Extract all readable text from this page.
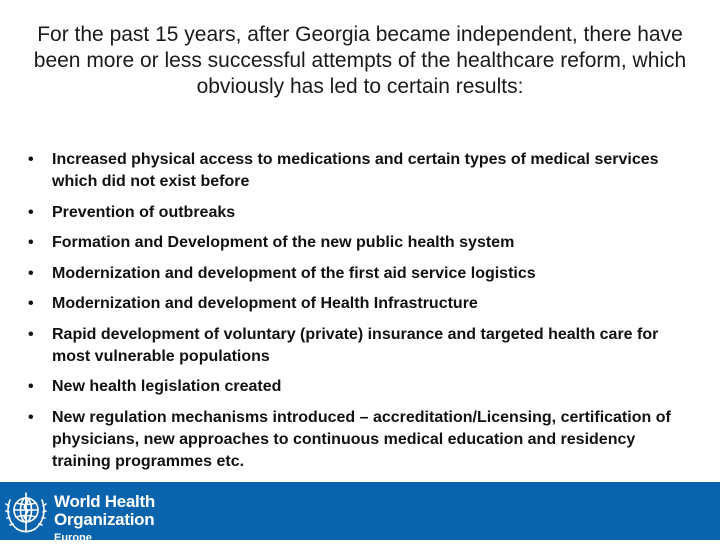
For the past 15 years, after Georgia became independent, there have been more or less successful attempts of the healthcare reform, which obviously has led to certain results:
• Increased physical access to medications and certain types of medical services which did not exist before
• Prevention of outbreaks
• Formation and Development of the new public health system
• Modernization and development of the first aid service logistics
• Modernization and development of Health Infrastructure
• Rapid development of voluntary (private) insurance and targeted health care for most vulnerable populations
• New health legislation created
• New regulation mechanisms introduced – accreditation/Licensing, certification of physicians, new approaches to continuous medical education and residency training programmes etc.
World Health
Organization
Europe
